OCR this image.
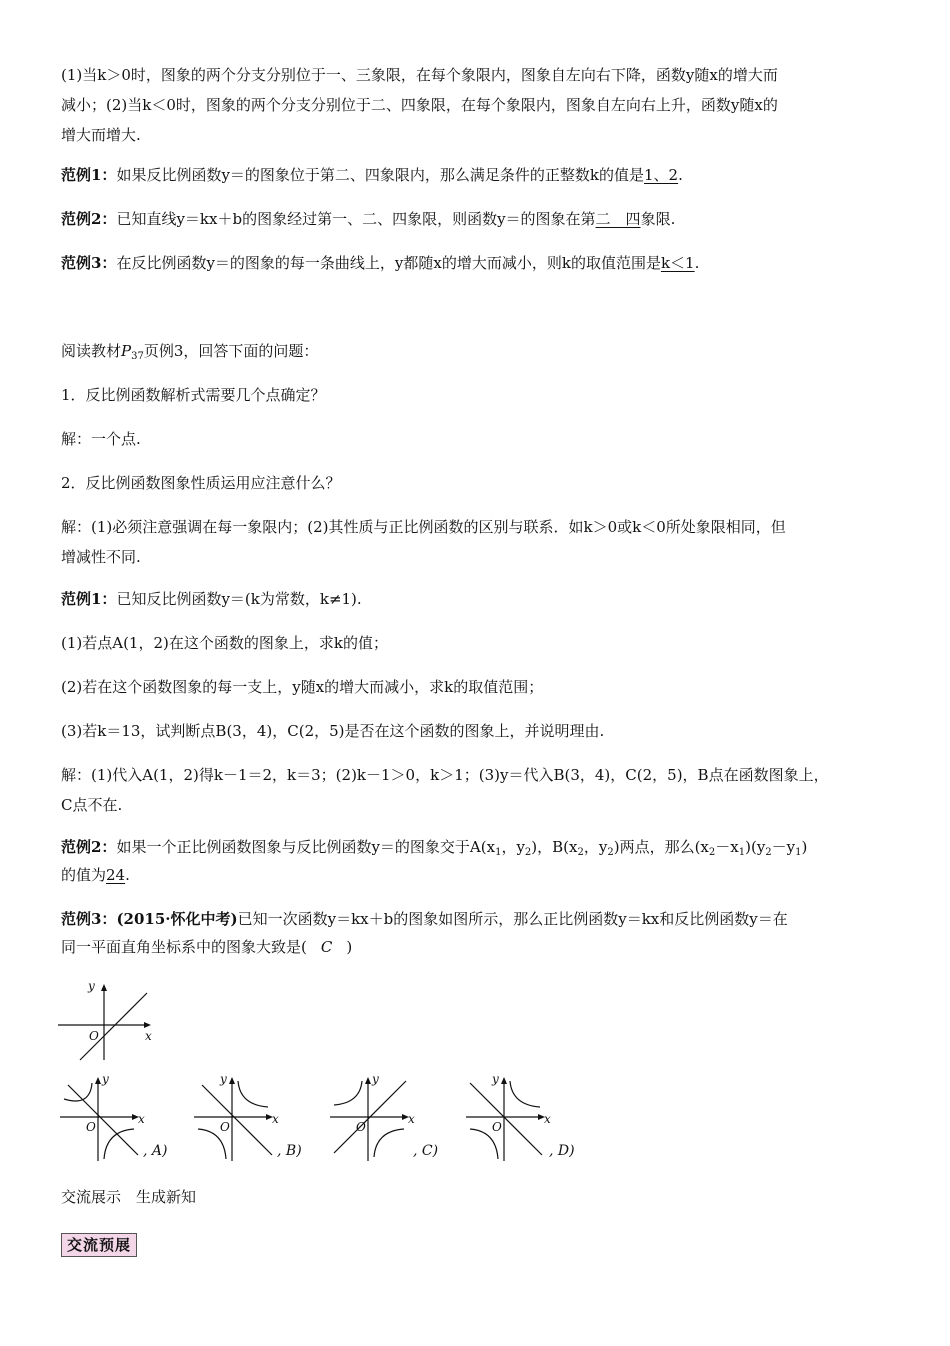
(1)当k＞0时，图象的两个分支分别位于一、三象限，在每个象限内，图象自左向右下降，函数y随x的增大而
减小；(2)当k＜0时，图象的两个分支分别位于二、四象限，在每个象限内，图象自左向右上升，函数y随x的
增大而增大.
范例1：如果反比例函数y＝的图象位于第二、四象限内，那么满足条件的正整数k的值是1、2.
范例2：已知直线y＝kx＋b的图象经过第一、二、四象限，则函数y＝的图象在第二　四象限.
范例3：在反比例函数y＝的图象的每一条曲线上，y都随x的增大而减小，则k的取值范围是k＜1.
阅读教材$P_{37}$页例3，回答下面的问题：
1．反比例函数解析式需要几个点确定？
解：一个点.
2．反比例函数图象性质运用应注意什么？
解：(1)必须注意强调在每一象限内；(2)其性质与正比例函数的区别与联系．如k＞0或k＜0所处象限相同，但
增减性不同.
范例1：已知反比例函数y＝(k为常数，k≠1).
(1)若点A(1，2)在这个函数的图象上，求k的值；
(2)若在这个函数图象的每一支上，y随x的增大而减小，求k的取值范围；
(3)若k＝13，试判断点B(3，4)，C(2，5)是否在这个函数的图象上，并说明理由.
解：(1)代入A(1，2)得k－1＝2，k＝3；(2)k－1＞0，k＞1；(3)y＝代入B(3，4)，C(2，5)，B点在函数图象上，
C点不在.
范例2：如果一个正比例函数图象与反比例函数y＝的图象交于$A(x_1$，$y_2$)，$B(x_2$，$y_2$)两点，那么$(x_2-x_1)(y_2-y_1)$
的值为24.
范例3：(2015·怀化中考)已知一次函数y＝kx＋b的图象如图所示，那么正比例函数y＝kx和反比例函数y＝在
同一平面直角坐标系中的图象大致是( C )
y
x
O
y
x
O
, A)
y
x
O
, B)
y
x
O
, C)
y
x
O
, D)
交流展示　生成新知
交流预展
